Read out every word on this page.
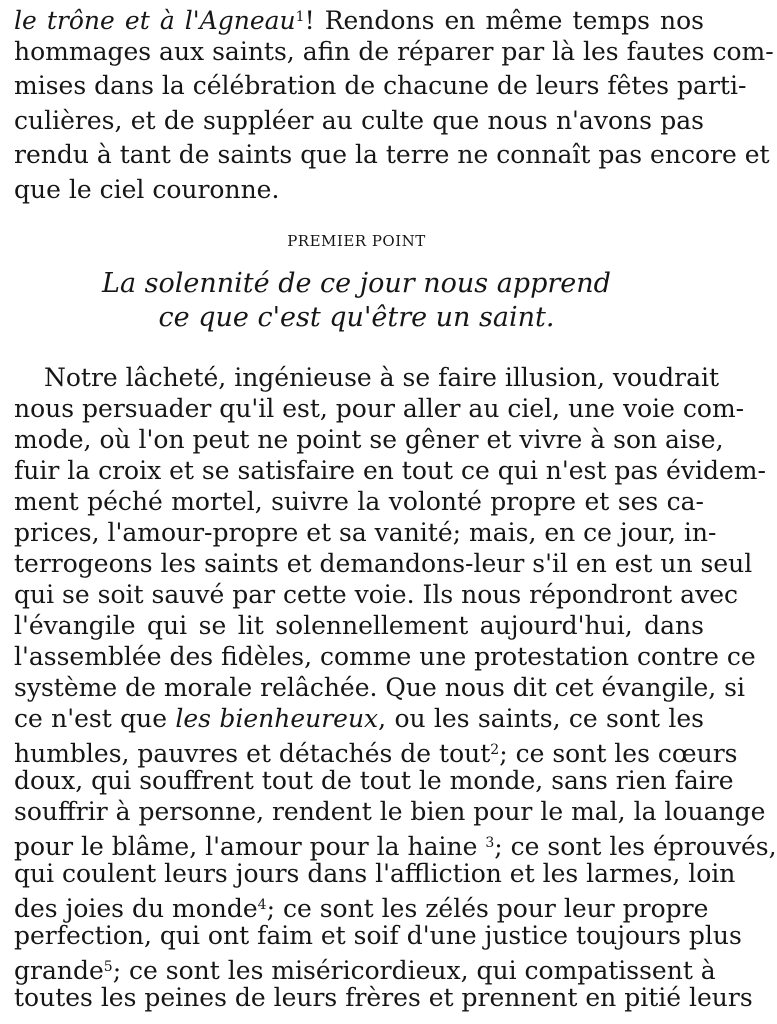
le trône et à l'Agneau$^1$! Rendons en même temps nos
hommages aux saints, afin de réparer par là les fautes com-
mises dans la célébration de chacune de leurs fêtes parti-
culières, et de suppléer au culte que nous n'avons pas
rendu à tant de saints que la terre ne connaît pas encore et
que le ciel couronne.
PREMIER POINT
La solennité de ce jour nous apprend
ce que c'est qu'être un saint.
Notre lâcheté, ingénieuse à se faire illusion, voudrait
nous persuader qu'il est, pour aller au ciel, une voie com-
mode, où l'on peut ne point se gêner et vivre à son aise,
fuir la croix et se satisfaire en tout ce qui n'est pas évidem-
ment péché mortel, suivre la volonté propre et ses ca-
prices, l'amour-propre et sa vanité; mais, en ce jour, in-
terrogeons les saints et demandons-leur s'il en est un seul
qui se soit sauvé par cette voie. Ils nous répondront avec
l'évangile qui se lit solennellement aujourd'hui, dans
l'assemblée des fidèles, comme une protestation contre ce
système de morale relâchée. Que nous dit cet évangile, si
ce n'est que les bienheureux, ou les saints, ce sont les
humbles, pauvres et détachés de tout$^2$; ce sont les cœurs
doux, qui souffrent tout de tout le monde, sans rien faire
souffrir à personne, rendent le bien pour le mal, la louange
pour le blâme, l'amour pour la haine $^3$; ce sont les éprouvés,
qui coulent leurs jours dans l'affliction et les larmes, loin
des joies du monde$^4$; ce sont les zélés pour leur propre
perfection, qui ont faim et soif d'une justice toujours plus
grande$^5$; ce sont les miséricordieux, qui compatissent à
toutes les peines de leurs frères et prennent en pitié leurs
